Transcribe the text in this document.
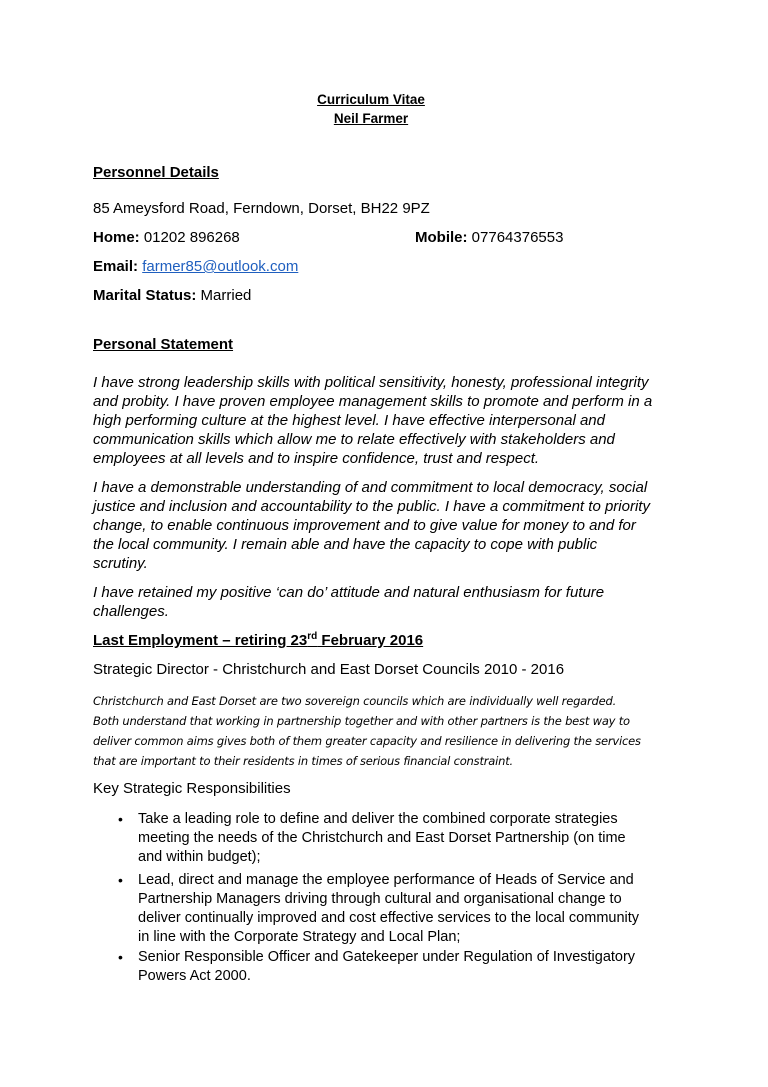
Curriculum Vitae
Neil Farmer
Personnel Details
85 Ameysford Road, Ferndown, Dorset, BH22 9PZ
Home: 01202 896268	Mobile: 07764376553
Email: farmer85@outlook.com
Marital Status: Married
Personal Statement
I have strong leadership skills with political sensitivity, honesty, professional integrity
and probity. I have proven employee management skills to promote and perform in a
high performing culture at the highest level. I have effective interpersonal and
communication skills which allow me to relate effectively with stakeholders and
employees at all levels and to inspire confidence, trust and respect.
I have a demonstrable understanding of and commitment to local democracy, social
justice and inclusion and accountability to the public. I have a commitment to priority
change, to enable continuous improvement and to give value for money to and for
the local community. I remain able and have the capacity to cope with public
scrutiny.
I have retained my positive ‘can do’ attitude and natural enthusiasm for future
challenges.
Last Employment – retiring 23rd February 2016
Strategic Director - Christchurch and East Dorset Councils 2010 - 2016
Christchurch and East Dorset are two sovereign councils which are individually well regarded.
Both understand that working in partnership together and with other partners is the best way to
deliver common aims gives both of them greater capacity and resilience in delivering the services
that are important to their residents in times of serious financial constraint.
Key Strategic Responsibilities
• Take a leading role to define and deliver the combined corporate strategies
meeting the needs of the Christchurch and East Dorset Partnership (on time
and within budget);
• Lead, direct and manage the employee performance of Heads of Service and
Partnership Managers driving through cultural and organisational change to
deliver continually improved and cost effective services to the local community
in line with the Corporate Strategy and Local Plan;
• Senior Responsible Officer and Gatekeeper under Regulation of Investigatory
Powers Act 2000.
